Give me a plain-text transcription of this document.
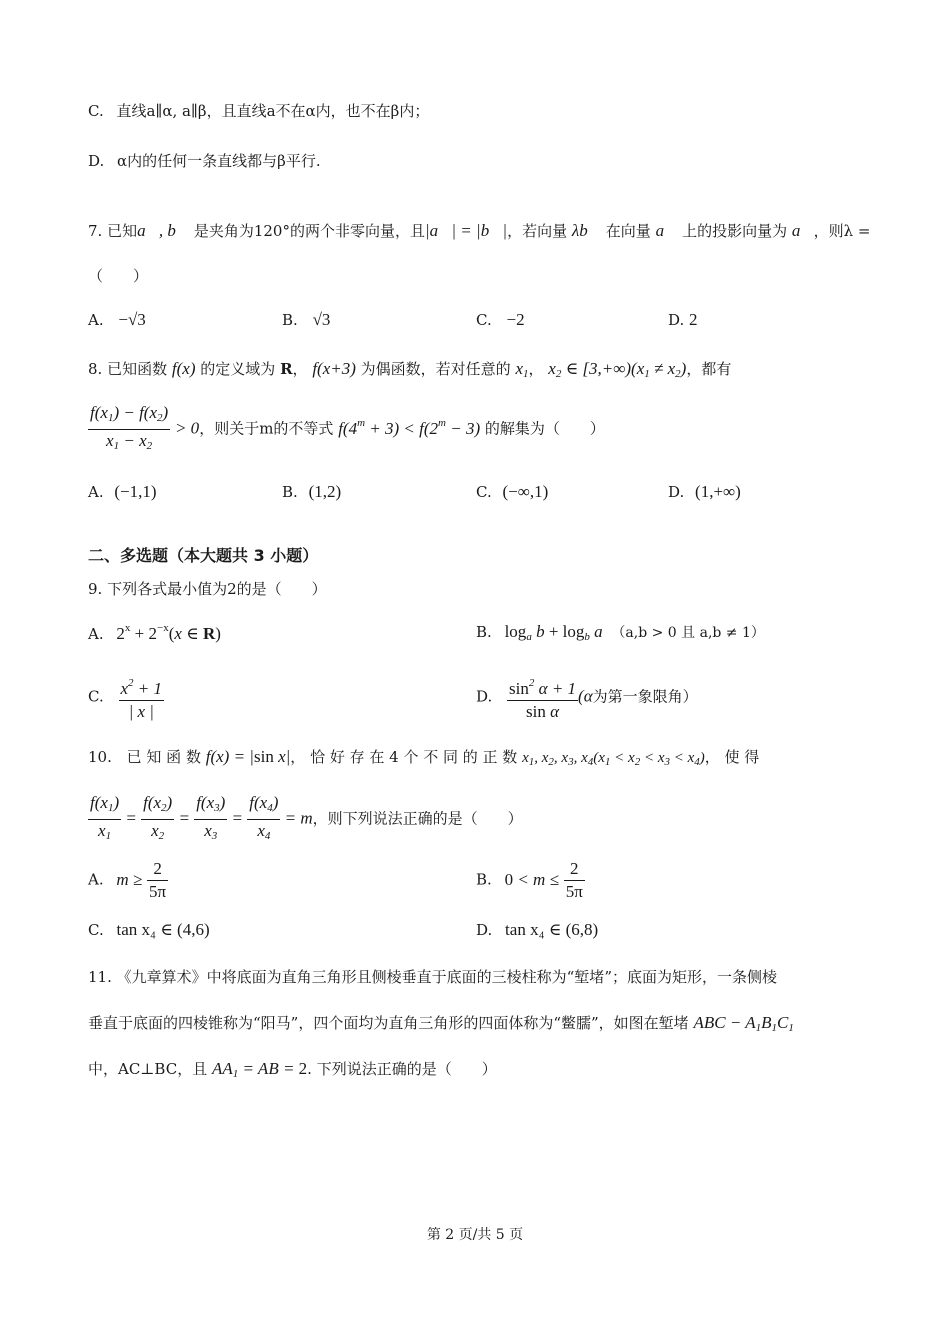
C. 直线a∥α, a∥β，且直线a不在α内，也不在β内；
D. α内的任何一条直线都与β平行.
7. 已知a⃗, b⃗ 是夹角为120°的两个非零向量，且|a⃗| = |b⃗|，若向量 λb⃗ 在向量 a⃗ 上的投影向量为 a⃗，则λ =
（　　）
A. −√3	B. √3	C. −2	D. 2
8. 已知函数 f(x) 的定义域为 R， f(x+3) 为偶函数，若对任意的 $x_1$， $x_2$ ∈ $[3,+\infty)(x_1 \ne x_2)$，都有
$\frac{f(x_1) - f(x_2)}{x_1 - x_2} > 0$，则关于m的不等式 $f(4^m + 3) < f(2^m - 3)$ 的解集为（　　）
A. (−1,1)	B. (1,2)	C. (−∞,1)	D. (1,+∞)
二、多选题（本大题共 3 小题）
9. 下列各式最小值为2的是（　　）
A. $2^x + 2^{-x}(x$ ∈ R)	B. $\log_a b + \log_b a$ （a,b > 0 且 a,b ≠ 1）
C. $\frac{x^2 + 1}{| x |}$	D. $\frac{\sin^2 \alpha + 1}{\text{sin α}} (\alpha$为第一象限角）
10. 已 知 函 数 f(x) = |sin x|， 恰 好 存 在 4 个 不 同 的 正 数 $x_1$, $x_2$, $x_3$, $x_4(x_1 < x_2 < x_3 < x_4)$， 使 得
$\frac{f(x_1)}{x_1} = \frac{f(x_2)}{x_2} = \frac{f(x_3)}{x_3} = \frac{f(x_4)}{x_4} = m$，则下列说法正确的是（　　）
A. $m \ge \frac{2}{5\pi}$	B. $0 < m \le \frac{2}{5\pi}$
C. tan x₄ ∈ (4,6)	D. tan x₄ ∈ (6,8)
11. 《九章算术》中将底面为直角三角形且侧棱垂直于底面的三棱柱称为“堑堵”；底面为矩形，一条侧棱
垂直于底面的四棱锥称为“阳马”，四个面均为直角三角形的四面体称为“鳖臑”，如图在堑堵 ABC − $A_1B_1C_1$
中，AC⊥BC，且 $AA_1$ = AB = 2. 下列说法正确的是（　　）
第 2 页/共 5 页
